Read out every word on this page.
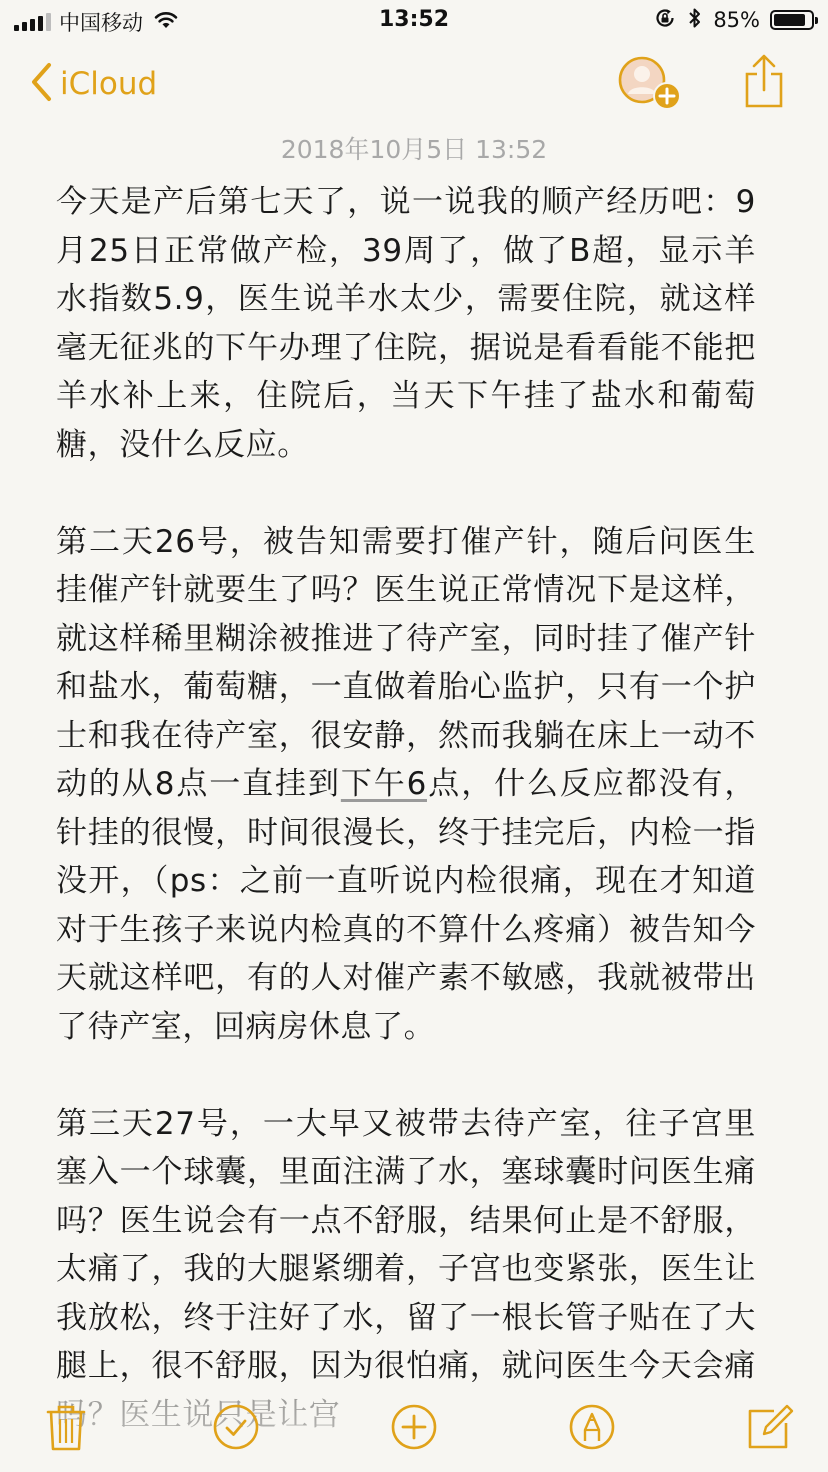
中国移动	13:52	85%
iCloud
2018年10月5日 13:52

今天是产后第七天了，说一说我的顺产经历吧：9月25日正常做产检，39周了，做了B超，显示羊水指数5.9，医生说羊水太少，需要住院，就这样毫无征兆的下午办理了住院，据说是看看能不能把羊水补上来，住院后，当天下午挂了盐水和葡萄糖，没什么反应。

第二天26号，被告知需要打催产针，随后问医生挂催产针就要生了吗？医生说正常情况下是这样，就这样稀里糊涂被推进了待产室，同时挂了催产针和盐水，葡萄糖，一直做着胎心监护，只有一个护士和我在待产室，很安静，然而我躺在床上一动不动的从8点一直挂到下午6点，什么反应都没有，针挂的很慢，时间很漫长，终于挂完后，内检一指没开，（ps：之前一直听说内检很痛，现在才知道对于生孩子来说内检真的不算什么疼痛）被告知今天就这样吧，有的人对催产素不敏感，我就被带出了待产室，回病房休息了。

第三天27号，一大早又被带去待产室，往子宫里塞入一个球囊，里面注满了水，塞球囊时问医生痛吗？医生说会有一点不舒服，结果何止是不舒服，太痛了，我的大腿紧绷着，子宫也变紧张，医生让我放松，终于注好了水，留了一根长管子贴在了大腿上，很不舒服，因为很怕痛，就问医生今天会痛
